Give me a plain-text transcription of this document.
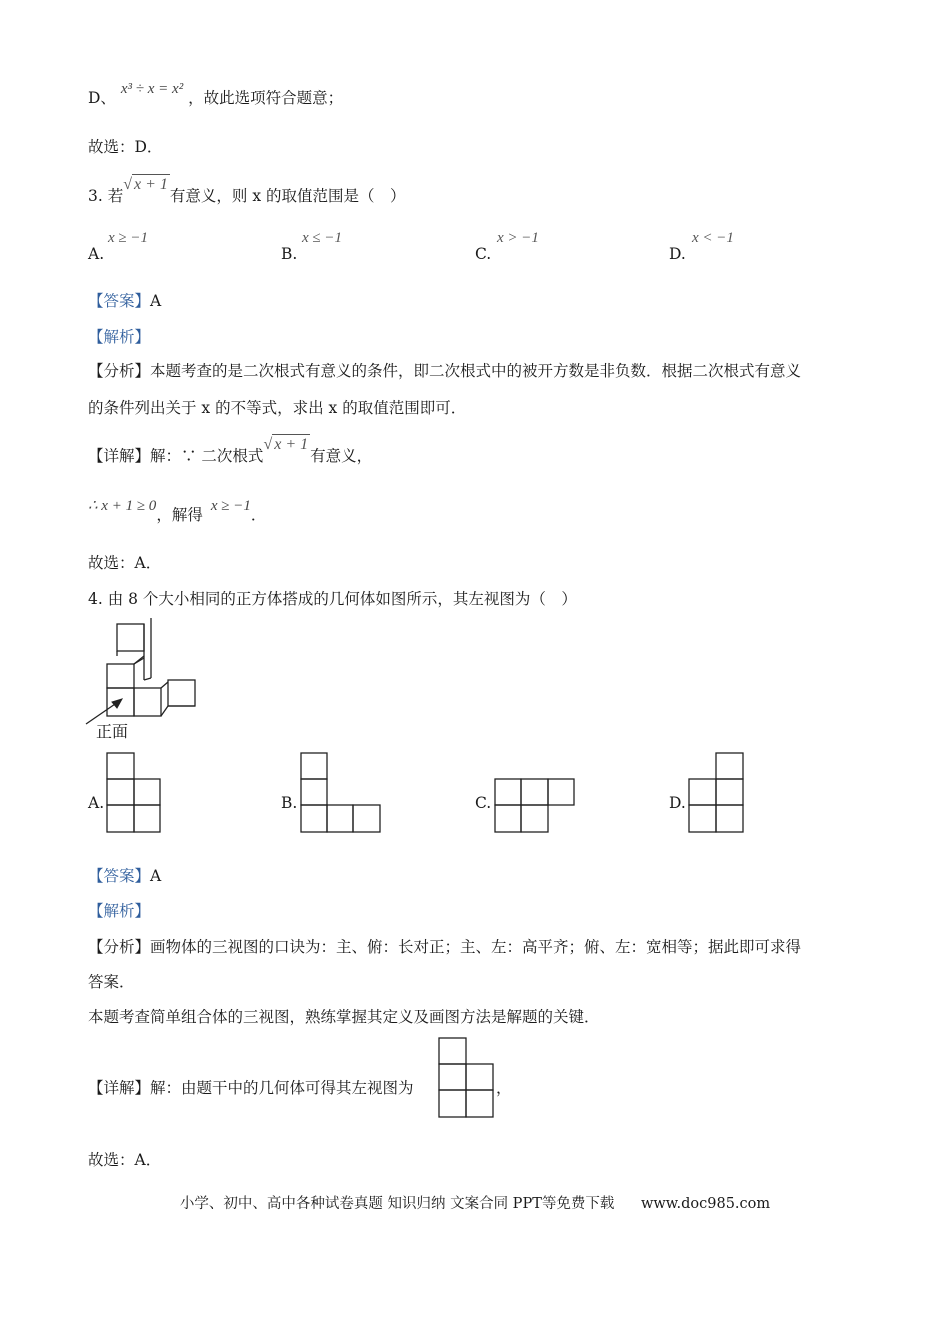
D、 x³ ÷ x = x² ，故此选项符合题意；
故选：D．
3. 若√ x + 1有意义，则 x 的取值范围是（　）
A.
x ≥ −1
B.
x ≤ −1
C.
x > −1
D.
x < −1
【答案】A
【解析】
【分析】本题考查的是二次根式有意义的条件，即二次根式中的被开方数是非负数．根据二次根式有意义
的条件列出关于 x 的不等式，求出 x 的取值范围即可．
【详解】解：∵ 二次根式√ x + 1有意义，
∴ x + 1 ≥ 0，解得 x ≥ −1．
故选：A．
4. 由 8 个大小相同的正方体搭成的几何体如图所示，其左视图为（　）
正面
A.	B.	C.	D.
【答案】A
【解析】
【分析】画物体的三视图的口诀为：主、俯：长对正；主、左：高平齐；俯、左：宽相等；据此即可求得
答案．
本题考查简单组合体的三视图，熟练掌握其定义及画图方法是解题的关键．
【详解】解：由题干中的几何体可得其左视图为	，
故选：A．
小学、初中、高中各种试卷真题 知识归纳 文案合同 PPT等免费下载 www.doc985.com
